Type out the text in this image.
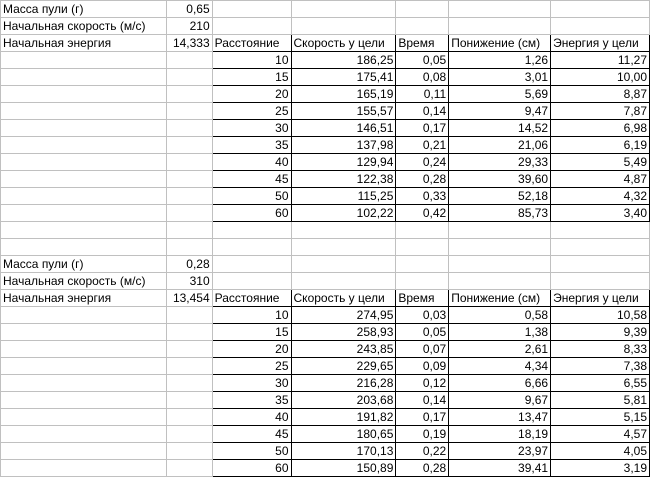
Масса пули (г)	0,65					
Начальная скорость (м/с)	210					
Начальная энергия	14,333	Расстояние	Скорость у цели	Время	Понижение (см)	Энергия у цели
		10	186,25	0,05	1,26	11,27
		15	175,41	0,08	3,01	10,00
		20	165,19	0,11	5,69	8,87
		25	155,57	0,14	9,47	7,87
		30	146,51	0,17	14,52	6,98
		35	137,98	0,21	21,06	6,19
		40	129,94	0,24	29,33	5,49
		45	122,38	0,28	39,60	4,87
		50	115,25	0,33	52,18	4,32
		60	102,22	0,42	85,73	3,40

Масса пули (г)	0,28					
Начальная скорость (м/с)	310					
Начальная энергия	13,454	Расстояние	Скорость у цели	Время	Понижение (см)	Энергия у цели
		10	274,95	0,03	0,58	10,58
		15	258,93	0,05	1,38	9,39
		20	243,85	0,07	2,61	8,33
		25	229,65	0,09	4,34	7,38
		30	216,28	0,12	6,66	6,55
		35	203,68	0,14	9,67	5,81
		40	191,82	0,17	13,47	5,15
		45	180,65	0,19	18,19	4,57
		50	170,13	0,22	23,97	4,05
		60	150,89	0,28	39,41	3,19
